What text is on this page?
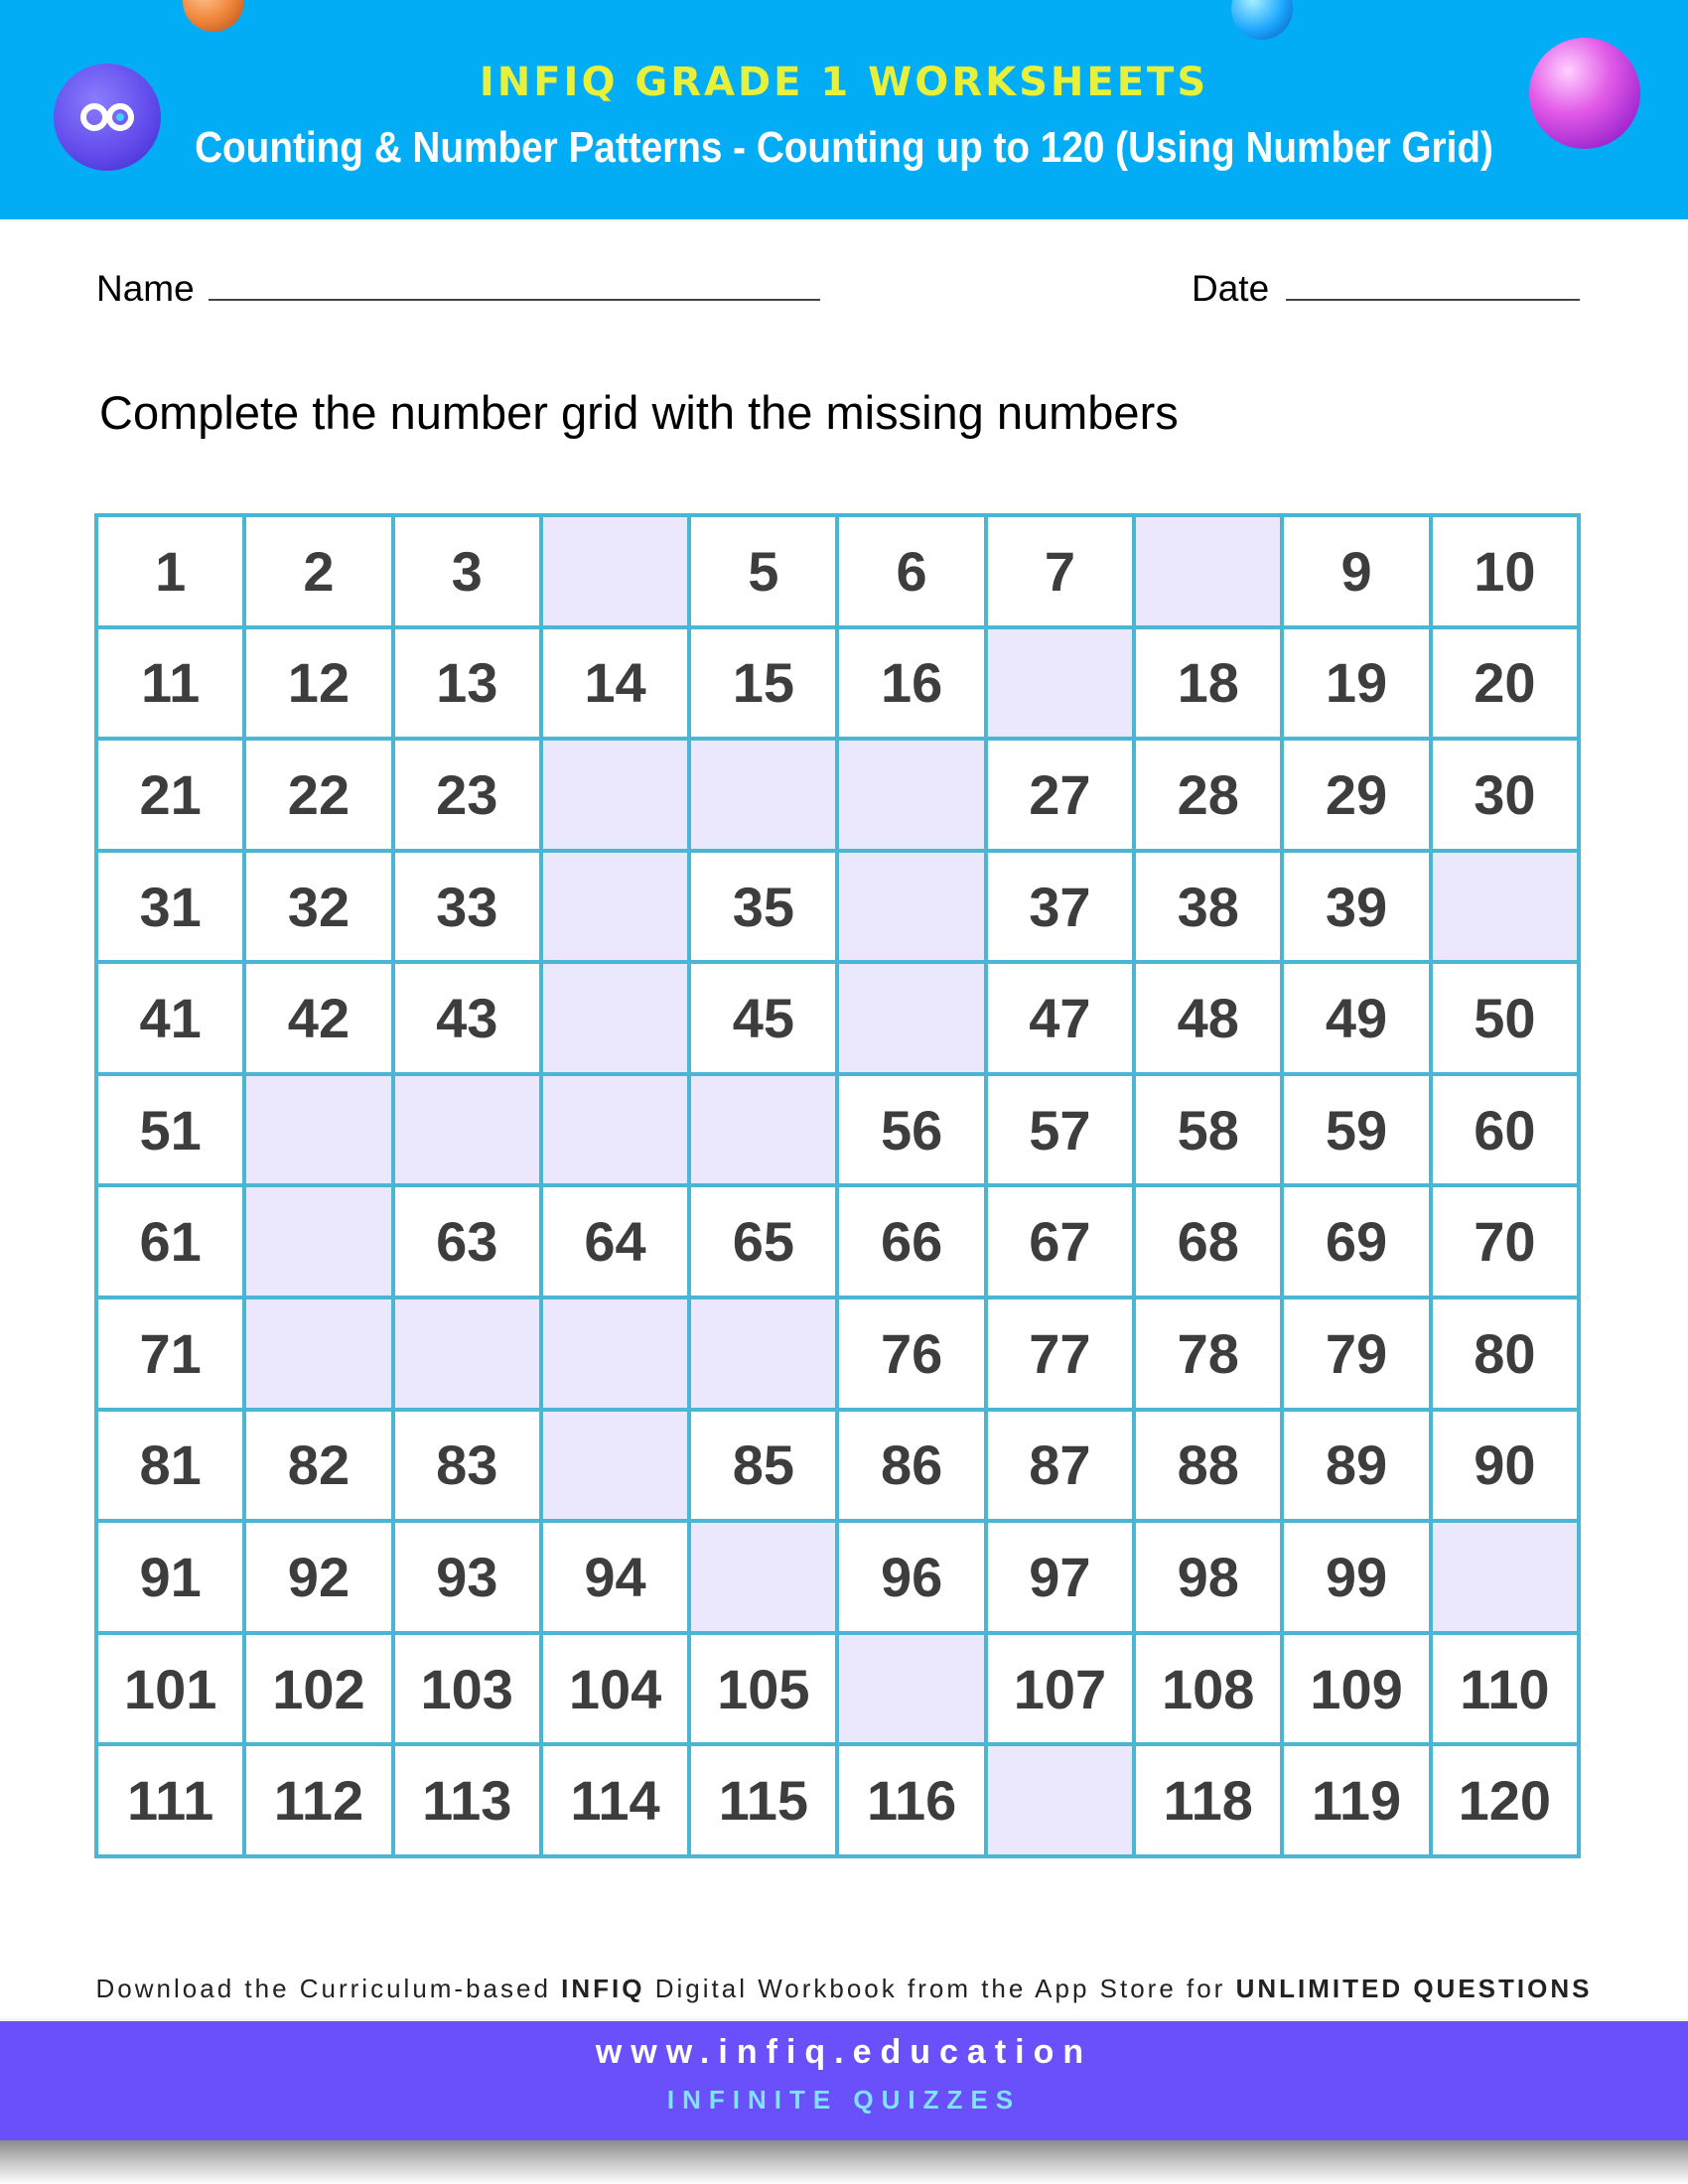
INFIQ GRADE 1 WORKSHEETS
Counting & Number Patterns - Counting up to 120 (Using Number Grid)
Name	Date
Complete the number grid with the missing numbers
1	2	3		5	6	7		9	10
11	12	13	14	15	16		18	19	20
21	22	23				27	28	29	30
31	32	33		35		37	38	39	
41	42	43		45		47	48	49	50
51					56	57	58	59	60
61		63	64	65	66	67	68	69	70
71					76	77	78	79	80
81	82	83		85	86	87	88	89	90
91	92	93	94		96	97	98	99	
101	102	103	104	105		107	108	109	110
111	112	113	114	115	116		118	119	120
Download the Curriculum-based INFIQ Digital Workbook from the App Store for UNLIMITED QUESTIONS
www.infiq.education
INFINITE QUIZZES
